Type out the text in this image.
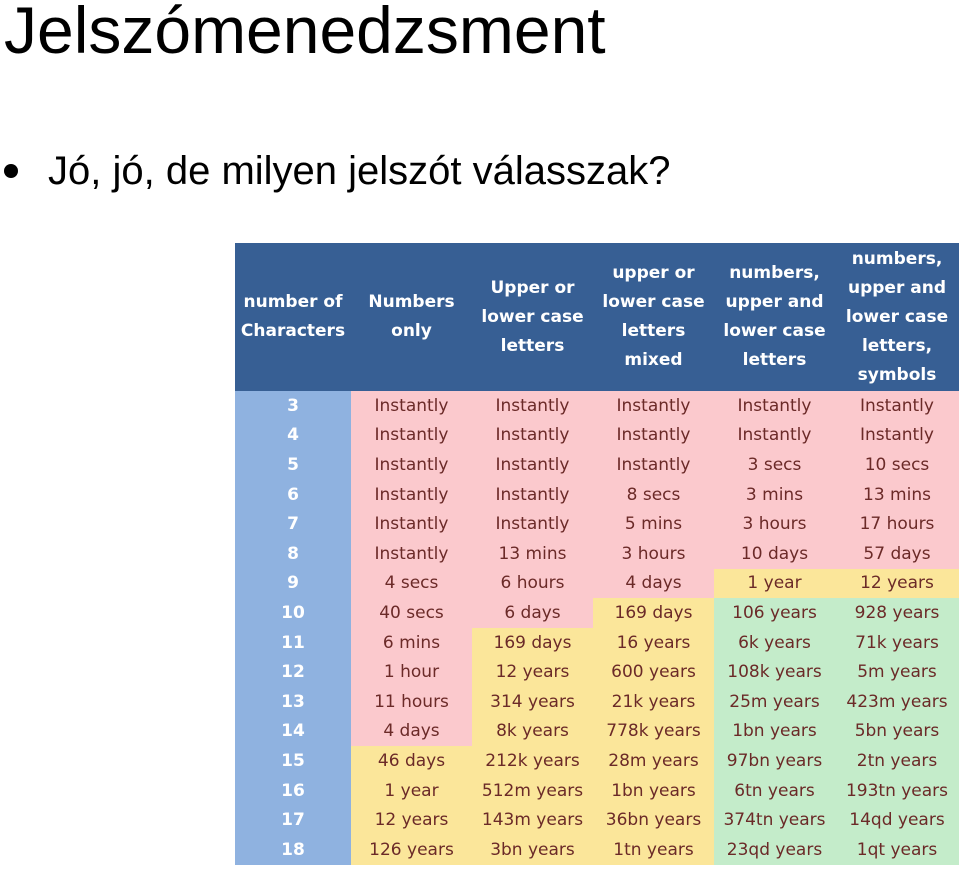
Jelszómenedzsment
Jó, jó, de milyen jelszót válasszak?
number of Characters	Numbers only	Upper or lower case letters	upper or lower case letters mixed	numbers, upper and lower case letters	numbers, upper and lower case letters, symbols
3	Instantly	Instantly	Instantly	Instantly	Instantly
4	Instantly	Instantly	Instantly	Instantly	Instantly
5	Instantly	Instantly	Instantly	3 secs	10 secs
6	Instantly	Instantly	8 secs	3 mins	13 mins
7	Instantly	Instantly	5 mins	3 hours	17 hours
8	Instantly	13 mins	3 hours	10 days	57 days
9	4 secs	6 hours	4 days	1 year	12 years
10	40 secs	6 days	169 days	106 years	928 years
11	6 mins	169 days	16 years	6k years	71k years
12	1 hour	12 years	600 years	108k years	5m years
13	11 hours	314 years	21k years	25m years	423m years
14	4 days	8k years	778k years	1bn years	5bn years
15	46 days	212k years	28m years	97bn years	2tn years
16	1 year	512m years	1bn years	6tn years	193tn years
17	12 years	143m years	36bn years	374tn years	14qd years
18	126 years	3bn years	1tn years	23qd years	1qt years
